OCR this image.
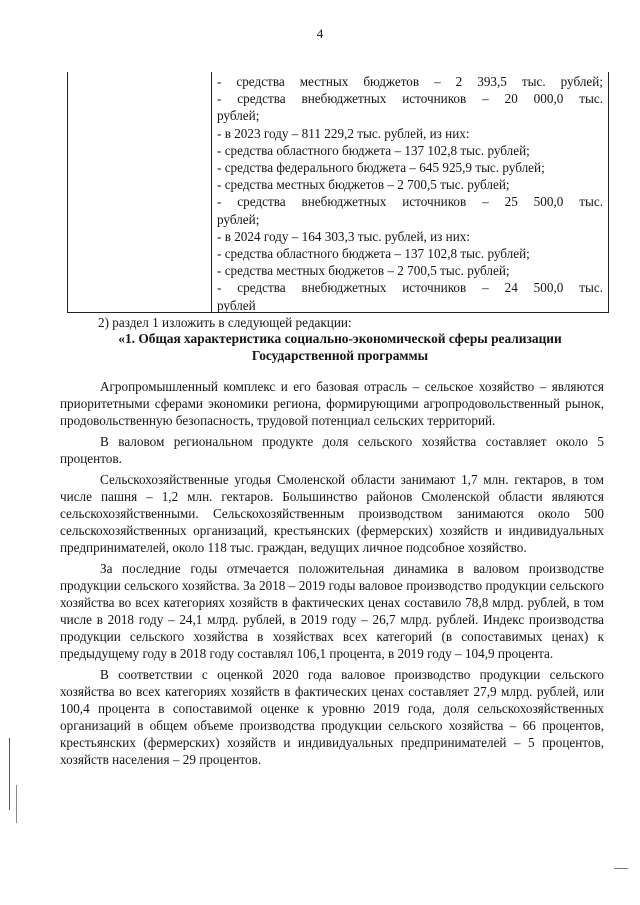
4
- средства местных бюджетов – 2 393,5 тыс. рублей;
- средства внебюджетных источников – 20 000,0 тыс.
рублей;
- в 2023 году – 811 229,2 тыс. рублей, из них:
- средства областного бюджета – 137 102,8 тыс. рублей;
- средства федерального бюджета – 645 925,9 тыс. рублей;
- средства местных бюджетов – 2 700,5 тыс. рублей;
- средства внебюджетных источников – 25 500,0 тыс.
рублей;
- в 2024 году – 164 303,3 тыс. рублей, из них:
- средства областного бюджета – 137 102,8 тыс. рублей;
- средства местных бюджетов – 2 700,5 тыс. рублей;
- средства внебюджетных источников – 24 500,0 тыс.
рублей
2) раздел 1 изложить в следующей редакции:
«1. Общая характеристика социально-экономической сферы реализации Государственной программы

Агропромышленный комплекс и его базовая отрасль – сельское хозяйство – являются приоритетными сферами экономики региона, формирующими агропродовольственный рынок, продовольственную безопасность, трудовой потенциал сельских территорий.

В валовом региональном продукте доля сельского хозяйства составляет около 5 процентов.

Сельскохозяйственные угодья Смоленской области занимают 1,7 млн. гектаров, в том числе пашня – 1,2 млн. гектаров. Большинство районов Смоленской области являются сельскохозяйственными. Сельскохозяйственным производством занимаются около 500 сельскохозяйственных организаций, крестьянских (фермерских) хозяйств и индивидуальных предпринимателей, около 118 тыс. граждан, ведущих личное подсобное хозяйство.

За последние годы отмечается положительная динамика в валовом производстве продукции сельского хозяйства. За 2018 – 2019 годы валовое производство продукции сельского хозяйства во всех категориях хозяйств в фактических ценах составило 78,8 млрд. рублей, в том числе в 2018 году – 24,1 млрд. рублей, в 2019 году – 26,7 млрд. рублей. Индекс производства продукции сельского хозяйства в хозяйствах всех категорий (в сопоставимых ценах) к предыдущему году в 2018 году составлял 106,1 процента, в 2019 году – 104,9 процента.

В соответствии с оценкой 2020 года валовое производство продукции сельского хозяйства во всех категориях хозяйств в фактических ценах составляет 27,9 млрд. рублей, или 100,4 процента в сопоставимой оценке к уровню 2019 года, доля сельскохозяйственных организаций в общем объеме производства продукции сельского хозяйства – 66 процентов, крестьянских (фермерских) хозяйств и индивидуальных предпринимателей – 5 процентов, хозяйств населения – 29 процентов.
